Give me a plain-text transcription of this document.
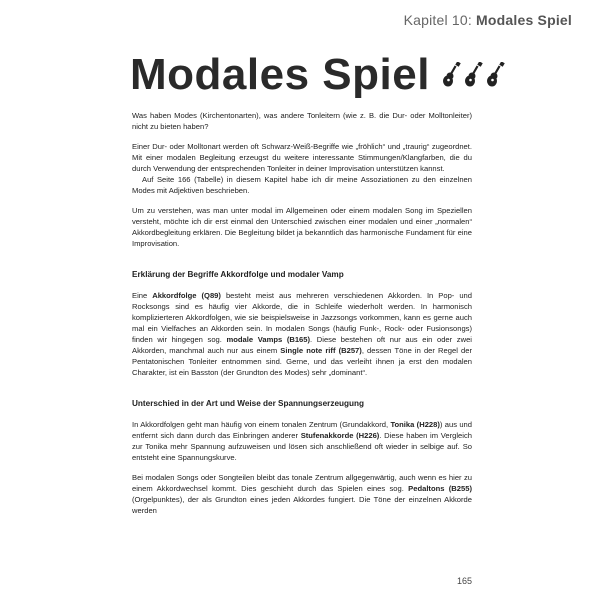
Kapitel 10: Modales Spiel
Modales Spiel

Was haben Modes (Kirchentonarten), was andere Tonleitern (wie z. B. die Dur- oder Molltonleiter) nicht zu bieten haben?

Einer Dur- oder Molltonart werden oft Schwarz-Weiß-Begriffe wie „fröhlich“ und „traurig“ zugeordnet. Mit einer modalen Begleitung erzeugst du weitere interessante Stimmungen/Klangfarben, die du durch Verwendung der entsprechenden Tonleiter in deiner Improvisation unterstützen kannst.

Auf Seite 166 (Tabelle) in diesem Kapitel habe ich dir meine Assoziationen zu den einzelnen Modes mit Adjektiven beschrieben.

Um zu verstehen, was man unter modal im Allgemeinen oder einem modalen Song im Speziellen versteht, möchte ich dir erst einmal den Unterschied zwischen einer modalen und einer „normalen“ Akkordbegleitung erklären. Die Begleitung bildet ja bekanntlich das harmonische Fundament für eine Improvisation.

Erklärung der Begriffe Akkordfolge und modaler Vamp

Eine Akkordfolge (Q89) besteht meist aus mehreren verschiedenen Akkorden. In Pop- und Rocksongs sind es häufig vier Akkorde, die in Schleife wiederholt werden. In harmonisch komplizierteren Akkordfolgen, wie sie beispielsweise in Jazzsongs vorkommen, kann es gerne auch mal ein Vielfaches an Akkorden sein. In modalen Songs (häufig Funk-, Rock- oder Fusionsongs) finden wir hingegen sog. modale Vamps (B165). Diese bestehen oft nur aus ein oder zwei Akkorden, manchmal auch nur aus einem Single note riff (B257), dessen Töne in der Regel der Pentatonischen Tonleiter entnommen sind. Gerne, und das verleiht ihnen ja erst den modalen Charakter, ist ein Basston (der Grundton des Modes) sehr „dominant“.

Unterschied in der Art und Weise der Spannungserzeugung

In Akkordfolgen geht man häufig von einem tonalen Zentrum (Grundakkord, Tonika (H228)) aus und entfernt sich dann durch das Einbringen anderer Stufenakkorde (H226). Diese haben im Vergleich zur Tonika mehr Spannung aufzuweisen und lösen sich anschließend oft wieder in selbige auf. So entsteht eine Spannungskurve.

Bei modalen Songs oder Songteilen bleibt das tonale Zentrum allgegenwärtig, auch wenn es hier zu einem Akkordwechsel kommt. Dies geschieht durch das Spielen eines sog. Pedaltons (B255) (Orgelpunktes), der als Grundton eines jeden Akkordes fungiert. Die Töne der einzelnen Akkorde werden

165
